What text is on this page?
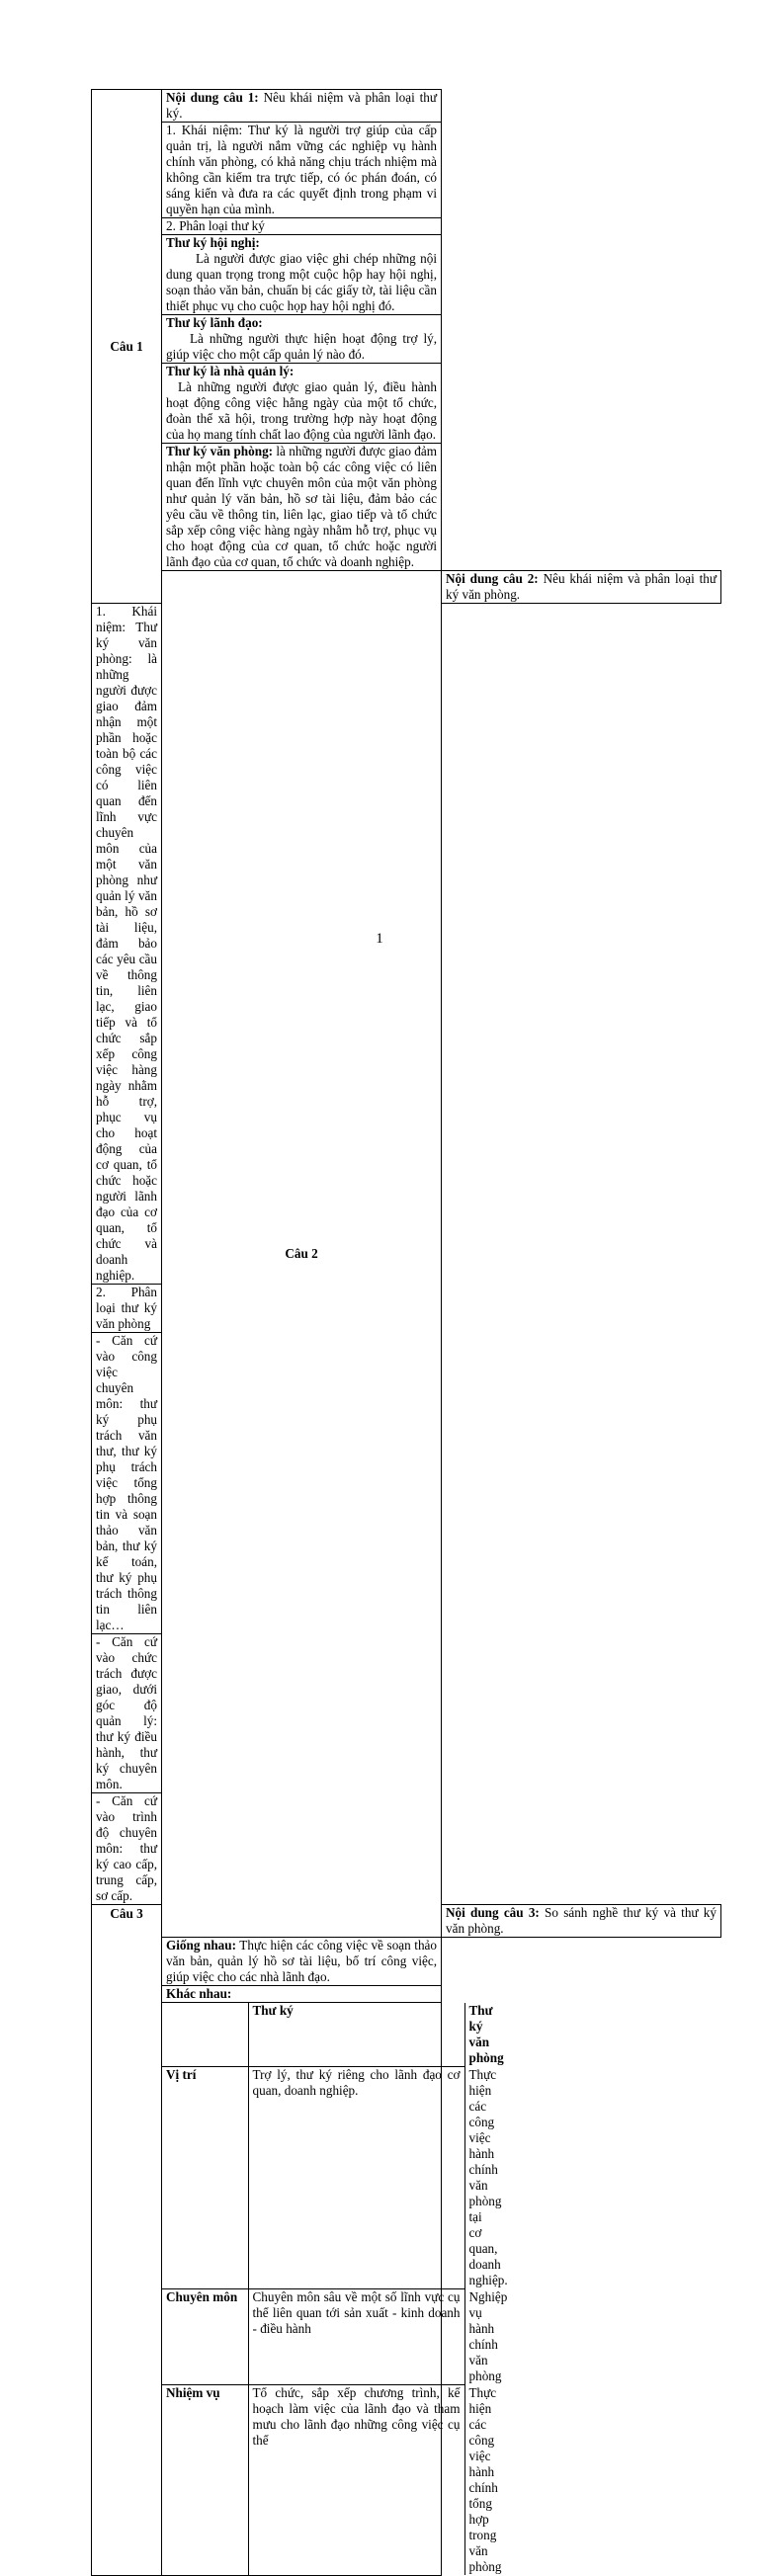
Câu 1	Nội dung câu 1: Nêu khái niệm và phân loại thư ký.
1. Khái niệm: Thư ký là người trợ giúp của cấp quản trị, là người nắm vững các nghiệp vụ hành chính văn phòng, có khả năng chịu trách nhiệm mà không cần kiểm tra trực tiếp, có óc phán đoán, có sáng kiến và đưa ra các quyết định trong phạm vi quyền hạn của mình.
2. Phân loại thư ký

Thư ký hội nghị:

Là người được giao việc ghi chép những nội dung quan trọng trong một cuộc hộp hay hội nghị, soạn thảo văn bản, chuẩn bị các giấy tờ, tài liệu cần thiết phục vụ cho cuộc họp hay hội nghị đó.

Thư ký lãnh đạo:

Là những người thực hiện hoạt động trợ lý, giúp việc cho một cấp quản lý nào đó.

Thư ký là nhà quản lý:

Là những người được giao quản lý, điều hành hoạt động công việc hằng ngày của một tổ chức, đoàn thể xã hội, trong trường hợp này hoạt động của họ mang tính chất lao động của người lãnh đạo.

Thư ký văn phòng: là những người được giao đảm nhận một phần hoặc toàn bộ các công việc có liên quan đến lĩnh vực chuyên môn của một văn phòng như quản lý văn bản, hồ sơ tài liệu, đảm bảo các yêu cầu về thông tin, liên lạc, giao tiếp và tổ chức sắp xếp công việc hàng ngày nhằm hỗ trợ, phục vụ cho hoạt động của cơ quan, tổ chức hoặc người lãnh đạo của cơ quan, tổ chức và doanh nghiệp.
Câu 2	Nội dung câu 2: Nêu khái niệm và phân loại thư ký văn phòng.
1. Khái niệm: Thư ký văn phòng: là những người được giao đảm nhận một phần hoặc toàn bộ các công việc có liên quan đến lĩnh vực chuyên môn của một văn phòng như quản lý văn bản, hồ sơ tài liệu, đảm bảo các yêu cầu về thông tin, liên lạc, giao tiếp và tổ chức sắp xếp công việc hàng ngày nhằm hỗ trợ, phục vụ cho hoạt động của cơ quan, tổ chức hoặc người lãnh đạo của cơ quan, tổ chức và doanh nghiệp.
2. Phân loại thư ký văn phòng
- Căn cứ vào công việc chuyên môn: thư ký phụ trách văn thư, thư ký phụ trách việc tổng hợp thông tin và soạn thảo văn bản, thư ký kế toán, thư ký phụ trách thông tin liên lạc…
- Căn cứ vào chức trách được giao, dưới góc độ quản lý: thư ký điều hành, thư ký chuyên môn.
- Căn cứ vào trình độ chuyên môn: thư ký cao cấp, trung cấp, sơ cấp.
Câu 3	Nội dung câu 3: So sánh nghề thư ký và thư ký văn phòng.
Giống nhau: Thực hiện các công việc về soạn thảo văn bản, quản lý hồ sơ tài liệu, bố trí công việc, giúp việc cho các nhà lãnh đạo.
Khác nhau:

	Thư ký	Thư ký văn phòng
Vị trí	Trợ lý, thư ký riêng cho lãnh đạo cơ quan, doanh nghiệp.	Thực hiện các công việc hành chính văn phòng tại cơ quan, doanh nghiệp.
Chuyên môn	Chuyên môn sâu về một số lĩnh vực cụ thể liên quan tới sản xuất - kinh doanh - điều hành	Nghiệp vụ hành chính văn phòng
Nhiệm vụ	Tổ chức, sắp xếp chương trình, kế hoạch làm việc của lãnh đạo và tham mưu cho lãnh đạo những công việc cụ thể	Thực hiện các công việc hành chính tổng hợp trong văn phòng
1
